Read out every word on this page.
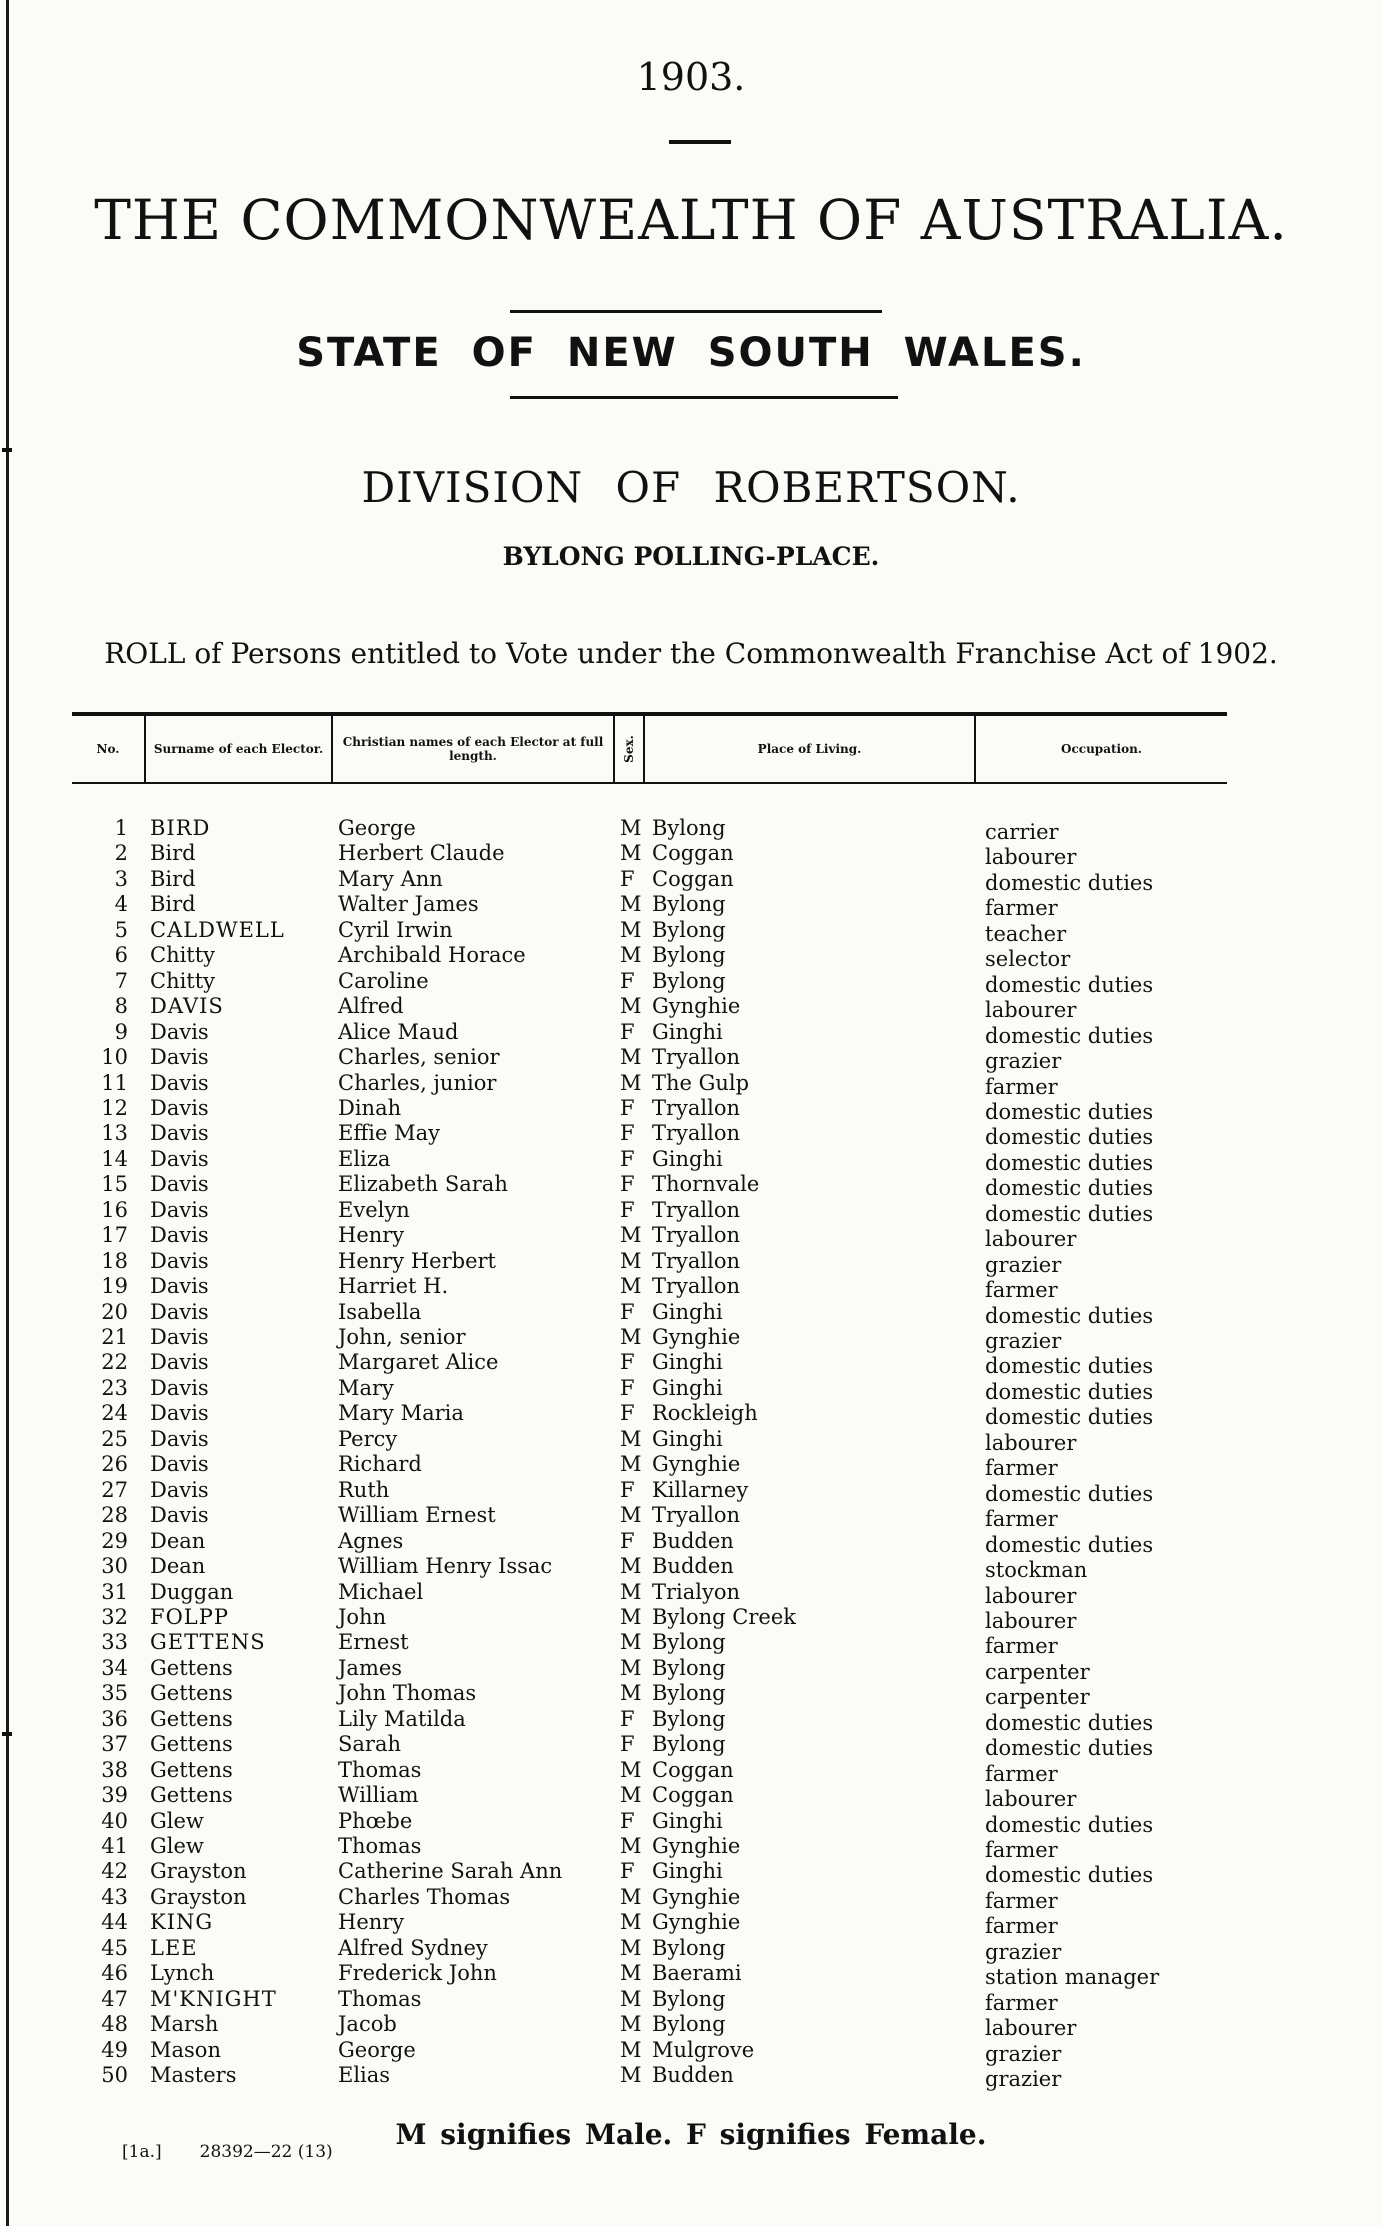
1903.
THE COMMONWEALTH OF AUSTRALIA.
STATE OF NEW SOUTH WALES.
DIVISION OF ROBERTSON.
BYLONG POLLING-PLACE.
ROLL of Persons entitled to Vote under the Commonwealth Franchise Act of 1902.
No.	Surname of each Elector.	Christian names of each Elector at full length.	Sex.	Place of Living.	Occupation.
1 BIRD	George	M Bylong	carrier
2 Bird	Herbert Claude	M Coggan	labourer
3 Bird	Mary Ann	F Coggan	domestic duties
4 Bird	Walter James	M Bylong	farmer
5 CALDWELL	Cyril Irwin	M Bylong	teacher
6 Chitty	Archibald Horace	M Bylong	selector
7 Chitty	Caroline	F Bylong	domestic duties
8 DAVIS	Alfred	M Gynghie	labourer
9 Davis	Alice Maud	F Ginghi	domestic duties
10 Davis	Charles, senior	M Tryallon	grazier
11 Davis	Charles, junior	M The Gulp	farmer
12 Davis	Dinah	F Tryallon	domestic duties
13 Davis	Effie May	F Tryallon	domestic duties
14 Davis	Eliza	F Ginghi	domestic duties
15 Davis	Elizabeth Sarah	F Thornvale	domestic duties
16 Davis	Evelyn	F Tryallon	domestic duties
17 Davis	Henry	M Tryallon	labourer
18 Davis	Henry Herbert	M Tryallon	grazier
19 Davis	Harriet H.	M Tryallon	farmer
20 Davis	Isabella	F Ginghi	domestic duties
21 Davis	John, senior	M Gynghie	grazier
22 Davis	Margaret Alice	F Ginghi	domestic duties
23 Davis	Mary	F Ginghi	domestic duties
24 Davis	Mary Maria	F Rockleigh	domestic duties
25 Davis	Percy	M Ginghi	labourer
26 Davis	Richard	M Gynghie	farmer
27 Davis	Ruth	F Killarney	domestic duties
28 Davis	William Ernest	M Tryallon	farmer
29 Dean	Agnes	F Budden	domestic duties
30 Dean	William Henry Issac	M Budden	stockman
31 Duggan	Michael	M Trialyon	labourer
32 FOLPP	John	M Bylong Creek	labourer
33 GETTENS	Ernest	M Bylong	farmer
34 Gettens	James	M Bylong	carpenter
35 Gettens	John Thomas	M Bylong	carpenter
36 Gettens	Lily Matilda	F Bylong	domestic duties
37 Gettens	Sarah	F Bylong	domestic duties
38 Gettens	Thomas	M Coggan	farmer
39 Gettens	William	M Coggan	labourer
40 Glew	Phœbe	F Ginghi	domestic duties
41 Glew	Thomas	M Gynghie	farmer
42 Grayston	Catherine Sarah Ann	F Ginghi	domestic duties
43 Grayston	Charles Thomas	M Gynghie	farmer
44 KING	Henry	M Gynghie	farmer
45 LEE	Alfred Sydney	M Bylong	grazier
46 Lynch	Frederick John	M Baerami	station manager
47 M'KNIGHT	Thomas	M Bylong	farmer
48 Marsh	Jacob	M Bylong	labourer
49 Mason	George	M Mulgrove	grazier
50 Masters	Elias	M Budden	grazier
[1a.] 28392—22 (13)
M signifies Male. F signifies Female.
